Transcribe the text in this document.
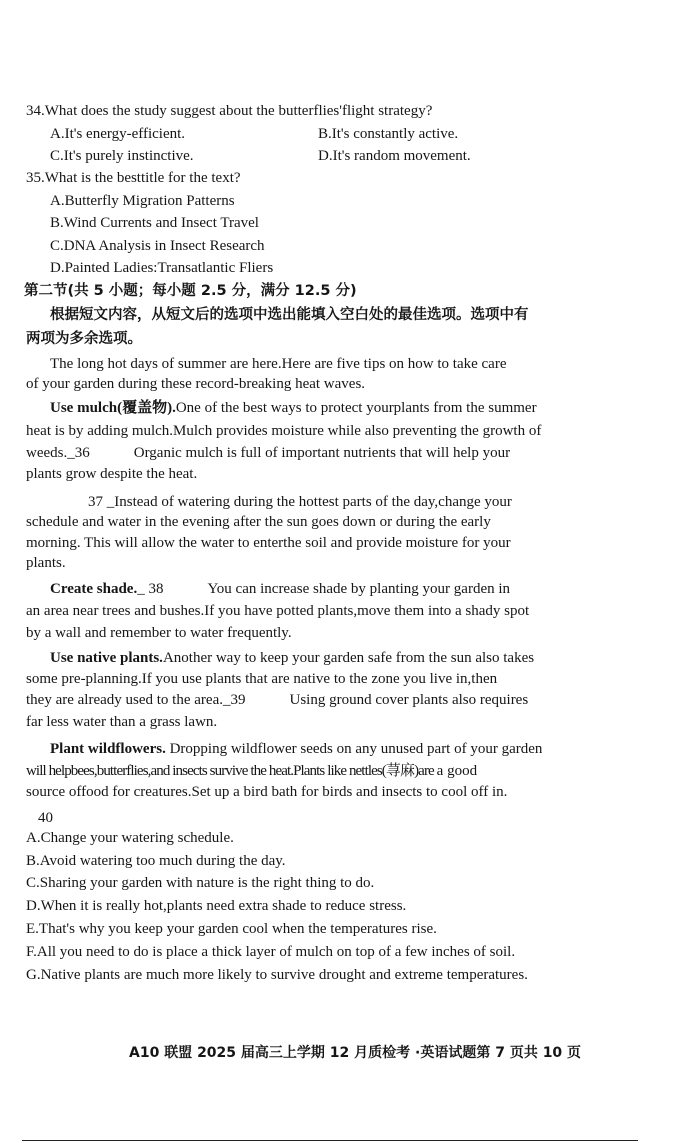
34.What does the study suggest about the butterflies'flight strategy?
A.It's energy-efficient.	B.It's constantly active.
C.It's purely instinctive.	D.It's random movement.
35.What is the besttitle for the text?
A.Butterfly Migration Patterns
B.Wind Currents and Insect Travel
C.DNA Analysis in Insect Research
D.Painted Ladies:Transatlantic Fliers
第二节(共 5 小题；每小题 2.5 分，满分 12.5 分)
根据短文内容，从短文后的选项中选出能填入空白处的最佳选项。选项中有
两项为多余选项。
The long hot days of summer are here.Here are five tips on how to take care
of your garden during these record-breaking heat waves.
Use mulch(覆盖物).One of the best ways to protect yourplants from the summer
heat is by adding mulch.Mulch provides moisture while also preventing the growth of
weeds._36	Organic mulch is full of important nutrients that will help your
plants grow despite the heat.
37 _Instead of watering during the hottest parts of the day,change your
schedule and water in the evening after the sun goes down or during the early
morning. This will allow the water to enterthe soil and provide moisture for your
plants.
Create shade._ 38	You can increase shade by planting your garden in
an area near trees and bushes.If you have potted plants,move them into a shady spot
by a wall and remember to water frequently.
Use native plants.Another way to keep your garden safe from the sun also takes
some pre-planning.If you use plants that are native to the zone you live in,then
they are already used to the area._39	Using ground cover plants also requires
far less water than a grass lawn.
Plant wildflowers. Dropping wildflower seeds on any unused part of your garden
will helpbees,butterflies,and insects survive the heat.Plants like nettles(荨麻)are a good
source offood for creatures.Set up a bird bath for birds and insects to cool off in.
40
A.Change your watering schedule.
B.Avoid watering too much during the day.
C.Sharing your garden with nature is the right thing to do.
D.When it is really hot,plants need extra shade to reduce stress.
E.That's why you keep your garden cool when the temperatures rise.
F.All you need to do is place a thick layer of mulch on top of a few inches of soil.
G.Native plants are much more likely to survive drought and extreme temperatures.
A10 联盟 2025 届高三上学期 12 月质检考 ·英语试题第 7 页共 10 页
